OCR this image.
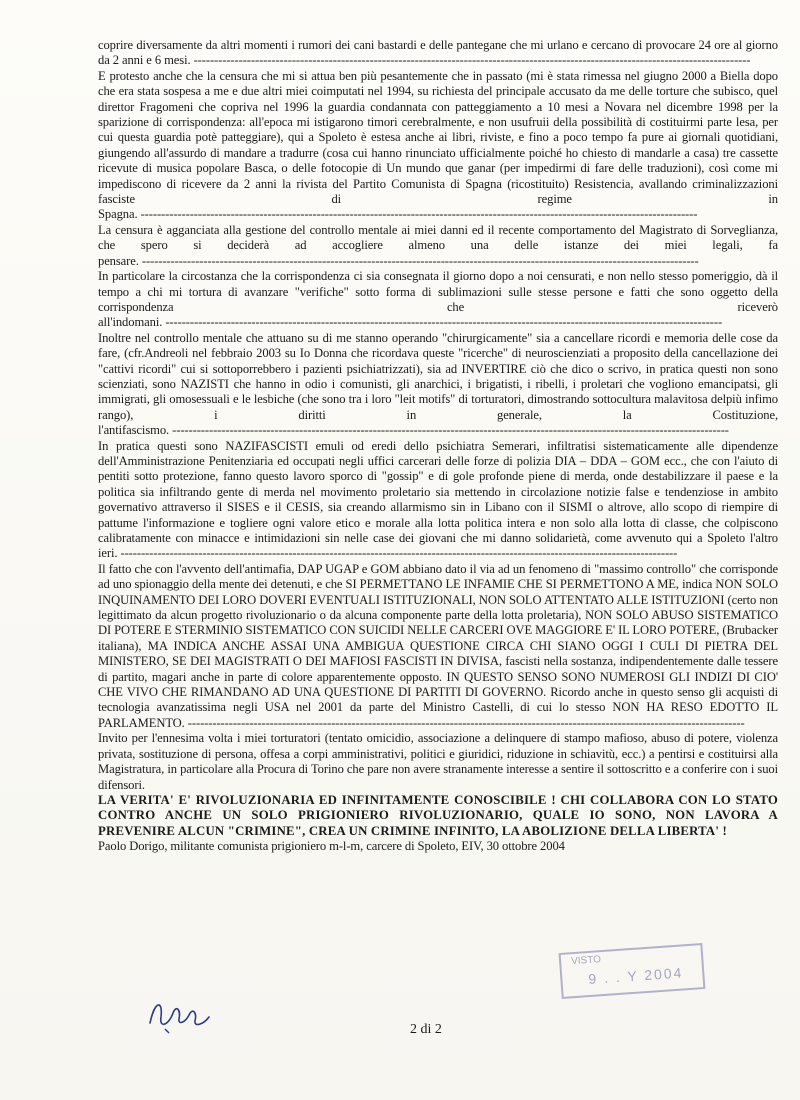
coprire diversamente da altri momenti i rumori dei cani bastardi e delle pantegane che mi urlano e cercano di provocare 24 ore al giorno da 2 anni e 6 mesi. -----

E protesto anche che la censura che mi si attua ben più pesantemente che in passato (mi è stata rimessa nel giugno 2000 a Biella dopo che era stata sospesa a me e due altri miei coimputati nel 1994, su richiesta del principale accusato da me delle torture che subisco, quel direttor Fragomeni che copriva nel 1996 la guardia condannata con patteggiamento a 10 mesi a Novara nel dicembre 1998 per la sparizione di corrispondenza: all'epoca mi istigarono timori cerebralmente, e non usufruii della possibilità di costituirmi parte lesa, per cui questa guardia potè patteggiare), qui a Spoleto è estesa anche ai libri, riviste, e fino a poco tempo fa pure ai giornali quotidiani, giungendo all'assurdo di mandare a tradurre (cosa cui hanno rinunciato ufficialmente poiché ho chiesto di mandarle a casa) tre cassette ricevute di musica popolare Basca, o delle fotocopie di Un mundo que ganar (per impedirmi di fare delle traduzioni), così come mi impediscono di ricevere da 2 anni la rivista del Partito Comunista di Spagna (ricostituito) Resistencia, avallando criminalizzazioni fasciste di regime in Spagna. -----

La censura è agganciata alla gestione del controllo mentale ai miei danni ed il recente comportamento del Magistrato di Sorveglianza, che spero si deciderà ad accogliere almeno una delle istanze dei miei legali, fa pensare. -----

In particolare la circostanza che la corrispondenza ci sia consegnata il giorno dopo a noi censurati, e non nello stesso pomeriggio, dà il tempo a chi mi tortura di avanzare "verifiche" sotto forma di sublimazioni sulle stesse persone e fatti che sono oggetto della corrispondenza che riceverò all'indomani. -----

Inoltre nel controllo mentale che attuano su di me stanno operando "chirurgicamente" sia a cancellare ricordi e memoria delle cose da fare, (cfr.Andreoli nel febbraio 2003 su Io Donna che ricordava queste "ricerche" di neuroscienziati a proposito della cancellazione dei "cattivi ricordi" cui si sottoporrebbero i pazienti psichiatrizzati), sia ad INVERTIRE ciò che dico o scrivo, in pratica questi non sono scienziati, sono NAZISTI che hanno in odio i comunisti, gli anarchici, i brigatisti, i ribelli, i proletari che vogliono emancipatsi, gli immigrati, gli omosessuali e le lesbiche (che sono tra i loro "leit motifs" di torturatori, dimostrando sottocultura malavitosa delpiù infimo rango), i diritti in generale, la Costituzione, l'antifascismo. -----

In pratica questi sono NAZIFASCISTI emuli od eredi dello psichiatra Semerari, infiltratisi sistematicamente alle dipendenze dell'Amministrazione Penitenziaria ed occupati negli uffici carcerari delle forze di polizia DIA – DDA – GOM ecc., che con l'aiuto di pentiti sotto protezione, fanno questo lavoro sporco di "gossip" e di gole profonde piene di merda, onde destabilizzare il paese e la politica sia infiltrando gente di merda nel movimento proletario sia mettendo in circolazione notizie false e tendenziose in ambito governativo attraverso il SISES e il CESIS, sia creando allarmismo sin in Libano con il SISMI o altrove, allo scopo di riempire di pattume l'informazione e togliere ogni valore etico e morale alla lotta politica intera e non solo alla lotta di classe, che colpiscono calibratamente con minacce e intimidazioni sin nelle case dei giovani che mi danno solidarietà, come avvenuto qui a Spoleto l'altro ieri. -----

Il fatto che con l'avvento dell'antimafia, DAP UGAP e GOM abbiano dato il via ad un fenomeno di "massimo controllo" che corrisponde ad uno spionaggio della mente dei detenuti, e che SI PERMETTANO LE INFAMIE CHE SI PERMETTONO A ME, indica NON SOLO INQUINAMENTO DEI LORO DOVERI EVENTUALI ISTITUZIONALI, NON SOLO ATTENTATO ALLE ISTITUZIONI (certo non legittimato da alcun progetto rivoluzionario o da alcuna componente parte della lotta proletaria), NON SOLO ABUSO SISTEMATICO DI POTERE E STERMINIO SISTEMATICO CON SUICIDI NELLE CARCERI OVE MAGGIORE E' IL LORO POTERE, (Brubacker italiana), MA INDICA ANCHE ASSAI UNA AMBIGUA QUESTIONE CIRCA CHI SIANO OGGI I CULI DI PIETRA DEL MINISTERO, SE DEI MAGISTRATI O DEI MAFIOSI FASCISTI IN DIVISA, fascisti nella sostanza, indipendentemente dalle tessere di partito, magari anche in parte di colore apparentemente opposto. IN QUESTO SENSO SONO NUMEROSI GLI INDIZI DI CIO' CHE VIVO CHE RIMANDANO AD UNA QUESTIONE DI PARTITI DI GOVERNO. Ricordo anche in questo senso gli acquisti di tecnologia avanzatissima negli USA nel 2001 da parte del Ministro Castelli, di cui lo stesso NON HA RESO EDOTTO IL PARLAMENTO. -----

Invito per l'ennesima volta i miei torturatori (tentato omicidio, associazione a delinquere di stampo mafioso, abuso di potere, violenza privata, sostituzione di persona, offesa a corpi amministrativi, politici e giuridici, riduzione in schiavitù, ecc.) a pentirsi e costituirsi alla Magistratura, in particolare alla Procura di Torino che pare non avere stranamente interesse a sentire il sottoscritto e a conferire con i suoi difensori.

LA VERITA' E' RIVOLUZIONARIA ED INFINITAMENTE CONOSCIBILE ! CHI COLLABORA CON LO STATO CONTRO ANCHE UN SOLO PRIGIONIERO RIVOLUZIONARIO, QUALE IO SONO, NON LAVORA A PREVENIRE ALCUN "CRIMINE", CREA UN CRIMINE INFINITO, LA ABOLIZIONE DELLA LIBERTA' !

Paolo Dorigo, militante comunista prigioniero m-l-m, carcere di Spoleto, EIV, 30 ottobre 2004

VISTO
9 . . Y 2004
2 di 2
